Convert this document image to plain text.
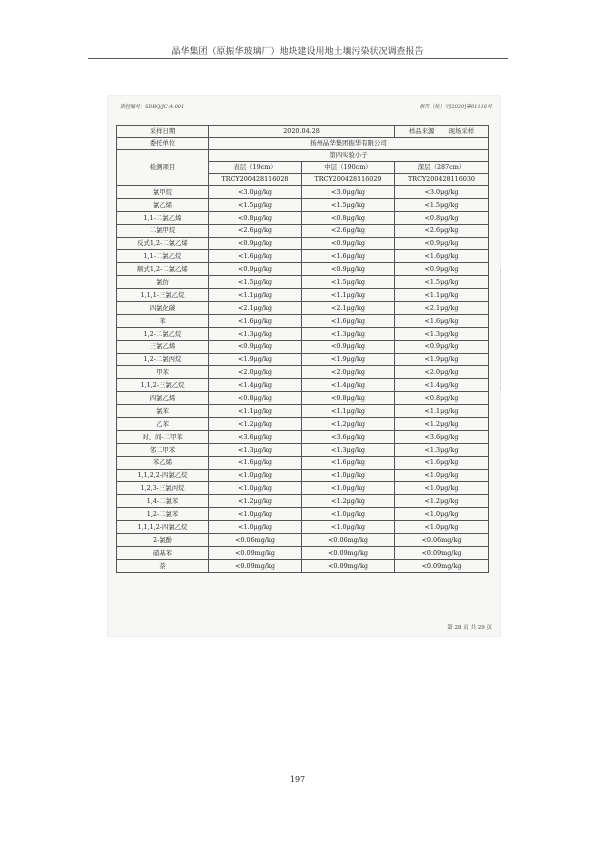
晶华集团（原振华玻璃厂）地块建设用地土壤污染状况调查报告
质控编号：SDBQ/JC-A-001	报告（检）字[2020]第01116号
采样日期	2020.04.28		样品来源 现场采样
委托单位	扬州晶华集团振华有限公司		
检测项目	第四实验小子		
	表层（19cm）	中层（190cm）	深层（287cm）
	TRCY200428116028	TRCY200428116029	TRCY200428116030
氯甲烷	<3.0μg/kg	<3.0μg/kg	<3.0μg/kg
氯乙烯	<1.5μg/kg	<1.5μg/kg	<1.5μg/kg
1,1-二氯乙烯	<0.8μg/kg	<0.8μg/kg	<0.8μg/kg
二氯甲烷	<2.6μg/kg	<2.6μg/kg	<2.6μg/kg
反式1,2-二氯乙烯	<0.9μg/kg	<0.9μg/kg	<0.9μg/kg
1,1-二氯乙烷	<1.6μg/kg	<1.6μg/kg	<1.6μg/kg
顺式1,2-二氯乙烯	<0.9μg/kg	<0.9μg/kg	<0.9μg/kg
氯仿	<1.5μg/kg	<1.5μg/kg	<1.5μg/kg
1,1,1-三氯乙烷	<1.1μg/kg	<1.1μg/kg	<1.1μg/kg
四氯化碳	<2.1μg/kg	<2.1μg/kg	<2.1μg/kg
苯	<1.6μg/kg	<1.6μg/kg	<1.6μg/kg
1,2-二氯乙烷	<1.3μg/kg	<1.3μg/kg	<1.3μg/kg
三氯乙烯	<0.9μg/kg	<0.9μg/kg	<0.9μg/kg
1,2-二氯丙烷	<1.9μg/kg	<1.9μg/kg	<1.9μg/kg
甲苯	<2.0μg/kg	<2.0μg/kg	<2.0μg/kg
1,1,2-三氯乙烷	<1.4μg/kg	<1.4μg/kg	<1.4μg/kg
四氯乙烯	<0.8μg/kg	<0.8μg/kg	<0.8μg/kg
氯苯	<1.1μg/kg	<1.1μg/kg	<1.1μg/kg
乙苯	<1.2μg/kg	<1.2μg/kg	<1.2μg/kg
对、间-二甲苯	<3.6μg/kg	<3.6μg/kg	<3.6μg/kg
邻二甲苯	<1.3μg/kg	<1.3μg/kg	<1.3μg/kg
苯乙烯	<1.6μg/kg	<1.6μg/kg	<1.6μg/kg
1,1,2,2-四氯乙烷	<1.0μg/kg	<1.0μg/kg	<1.0μg/kg
1,2,3-三氯丙烷	<1.0μg/kg	<1.0μg/kg	<1.0μg/kg
1,4-二氯苯	<1.2μg/kg	<1.2μg/kg	<1.2μg/kg
1,2-二氯苯	<1.0μg/kg	<1.0μg/kg	<1.0μg/kg
1,1,1,2-四氯乙烷	<1.0μg/kg	<1.0μg/kg	<1.0μg/kg
2-氯酚	<0.06mg/kg	<0.06mg/kg	<0.06mg/kg
硝基苯	<0.09mg/kg	<0.09mg/kg	<0.09mg/kg
萘	<0.09mg/kg	<0.09mg/kg	<0.09mg/kg
第 28 页 共 29 页
197
